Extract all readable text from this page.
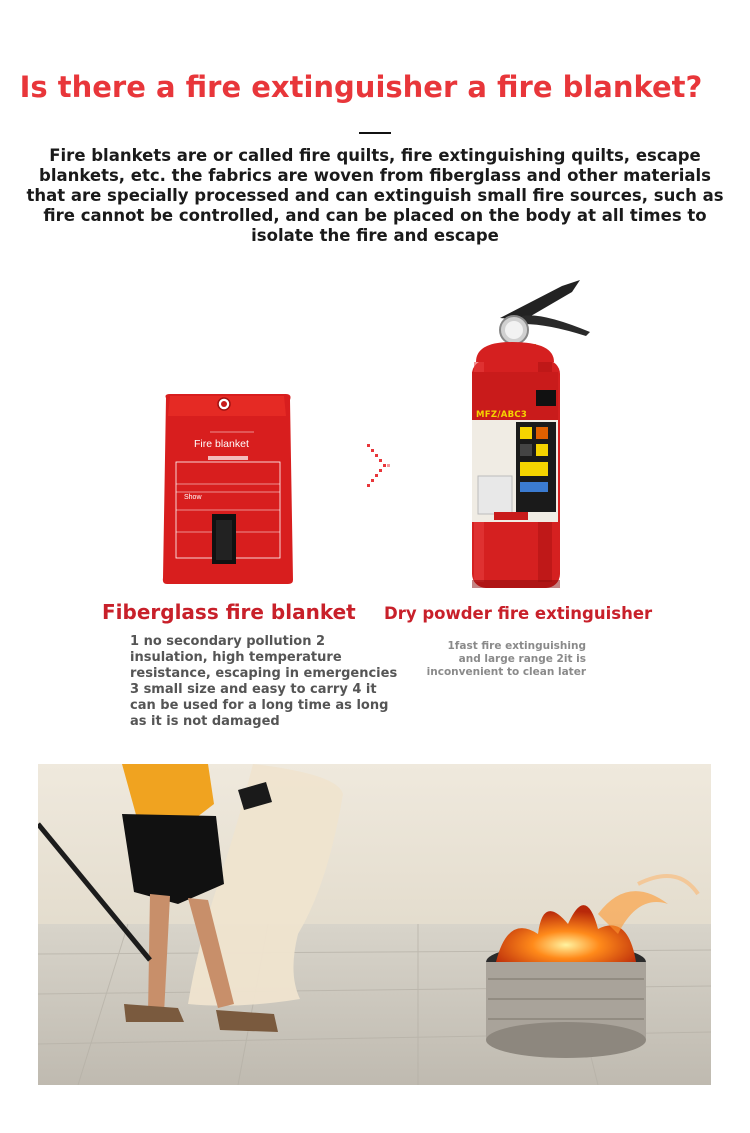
Is there a fire extinguisher a fire blanket?
Fire blankets are or called fire quilts, fire extinguishing quilts, escape blankets, etc. the fabrics are woven from fiberglass and other materials that are specially processed and can extinguish small fire sources, such as fire cannot be controlled, and can be placed on the body at all times to isolate the fire and escape
Fire blanket
Show
MFZ/ABC3
Fiberglass fire blanket Dry powder fire extinguisher
1 no secondary pollution 2 insulation, high temperature resistance, escaping in emergencies 3 small size and easy to carry 4 it can be used for a long time as long as it is not damaged
1fast fire extinguishing and large range 2it is inconvenient to clean later
